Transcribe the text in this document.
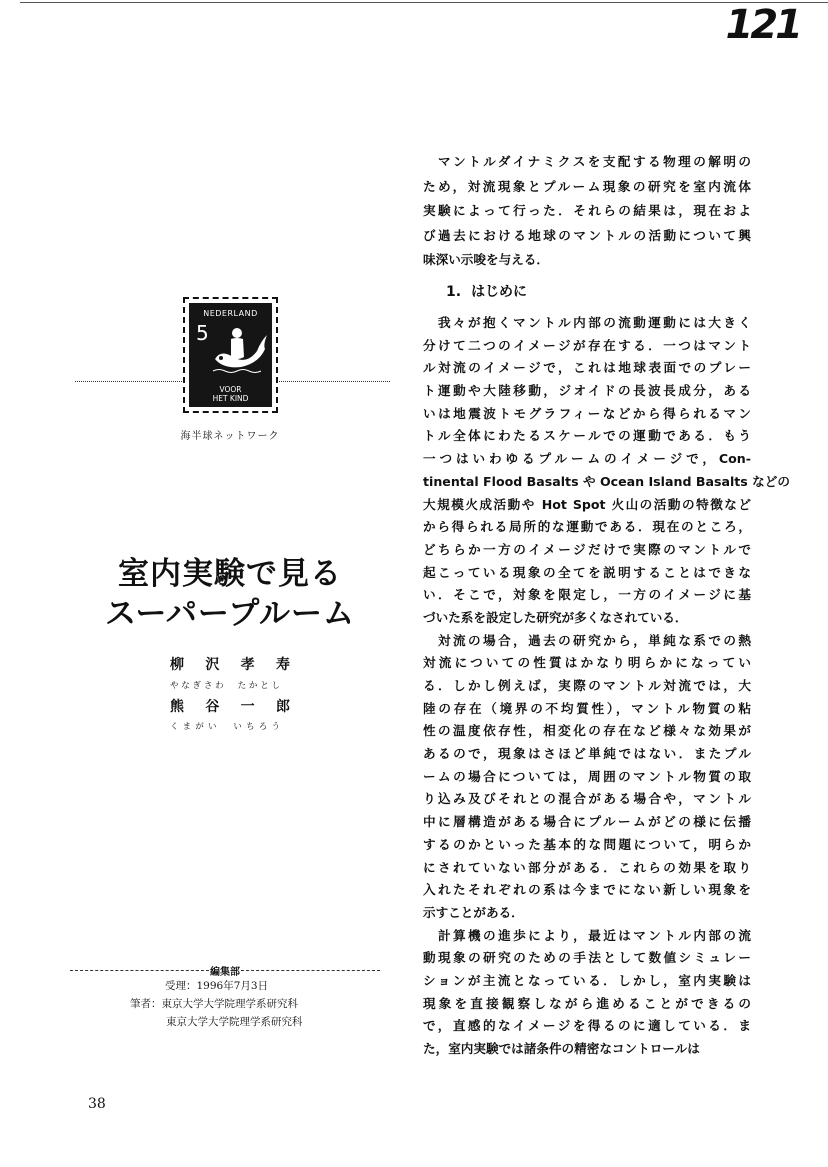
121
NEDERLAND
5
VOOR
HET KIND
海半球ネットワーク
室内実験で見る
スーパープルーム
柳沢孝寿
やなぎさわ　たかとし
熊谷一郎
くまがい　いちろう
編集部
受理：1996年7月3日
筆者：東京大学大学院理学系研究科
東京大学大学院理学系研究科
38
マントルダイナミクスを支配する物理の解明の
ため，対流現象とプルーム現象の研究を室内流体
実験によって行った．それらの結果は，現在およ
び過去における地球のマントルの活動について興
味深い示唆を与える．
1. はじめに
我々が抱くマントル内部の流動運動には大きく
分けて二つのイメージが存在する．一つはマント
ル対流のイメージで，これは地球表面でのプレー
ト運動や大陸移動，ジオイドの長波長成分，ある
いは地震波トモグラフィーなどから得られるマン
トル全体にわたるスケールでの運動である．もう
一つはいわゆるプルームのイメージで，Con-
tinental Flood Basalts や Ocean Island Basalts などの
大規模火成活動や Hot Spot 火山の活動の特徴など
から得られる局所的な運動である．現在のところ，
どちらか一方のイメージだけで実際のマントルで
起こっている現象の全てを説明することはできな
い．そこで，対象を限定し，一方のイメージに基
づいた系を設定した研究が多くなされている．
対流の場合，過去の研究から，単純な系での熱
対流についての性質はかなり明らかになってい
る．しかし例えば，実際のマントル対流では，大
陸の存在（境界の不均質性），マントル物質の粘
性の温度依存性，相変化の存在など様々な効果が
あるので，現象はさほど単純ではない．またプル
ームの場合については，周囲のマントル物質の取
り込み及びそれとの混合がある場合や，マントル
中に層構造がある場合にプルームがどの様に伝播
するのかといった基本的な問題について，明らか
にされていない部分がある．これらの効果を取り
入れたそれぞれの系は今までにない新しい現象を
示すことがある．
計算機の進歩により，最近はマントル内部の流
動現象の研究のための手法として数値シミュレー
ションが主流となっている．しかし，室内実験は
現象を直接観察しながら進めることができるの
で，直感的なイメージを得るのに適している．ま
た，室内実験では諸条件の精密なコントロールは
